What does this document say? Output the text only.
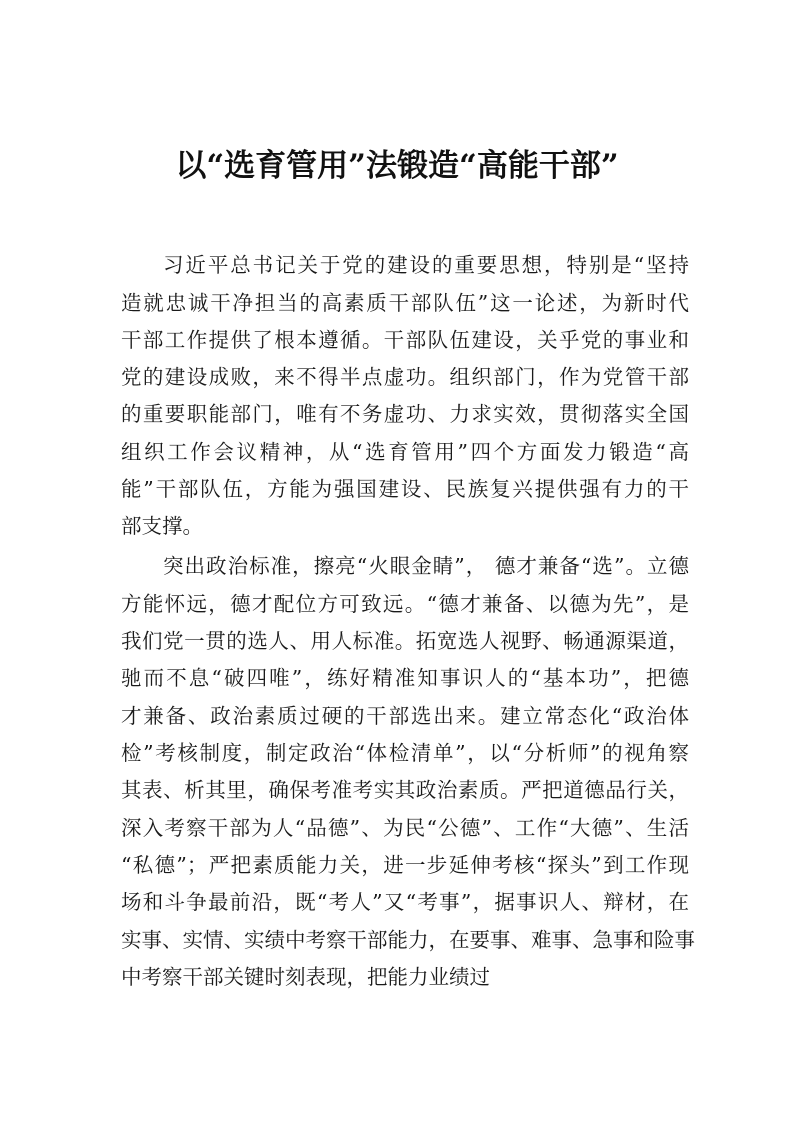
以“选育管用”法锻造“高能干部”
习近平总书记关于党的建设的重要思想，特别是“坚持
造就忠诚干净担当的高素质干部队伍”这一论述，为新时代
干部工作提供了根本遵循。干部队伍建设，关乎党的事业和
党的建设成败，来不得半点虚功。组织部门，作为党管干部
的重要职能部门，唯有不务虚功、力求实效，贯彻落实全国
组织工作会议精神，从“选育管用”四个方面发力锻造“高
能”干部队伍，方能为强国建设、民族复兴提供强有力的干
部支撑。
突出政治标准，擦亮“火眼金睛”， 德才兼备“选”。立德
方能怀远，德才配位方可致远。“德才兼备、以德为先”，是
我们党一贯的选人、用人标准。拓宽选人视野、畅通源渠道，
驰而不息“破四唯”，练好精准知事识人的“基本功”，把德
才兼备、政治素质过硬的干部选出来。建立常态化“政治体
检”考核制度，制定政治“体检清单”，以“分析师”的视角察
其表、析其里，确保考准考实其政治素质。严把道德品行关，
深入考察干部为人“品德”、为民“公德”、工作“大德”、生活
“私德”；严把素质能力关，进一步延伸考核“探头”到工作现
场和斗争最前沿，既“考人”又“考事”，据事识人、辩材，在
实事、实情、实绩中考察干部能力，在要事、难事、急事和险事
中考察干部关键时刻表现，把能力业绩过
